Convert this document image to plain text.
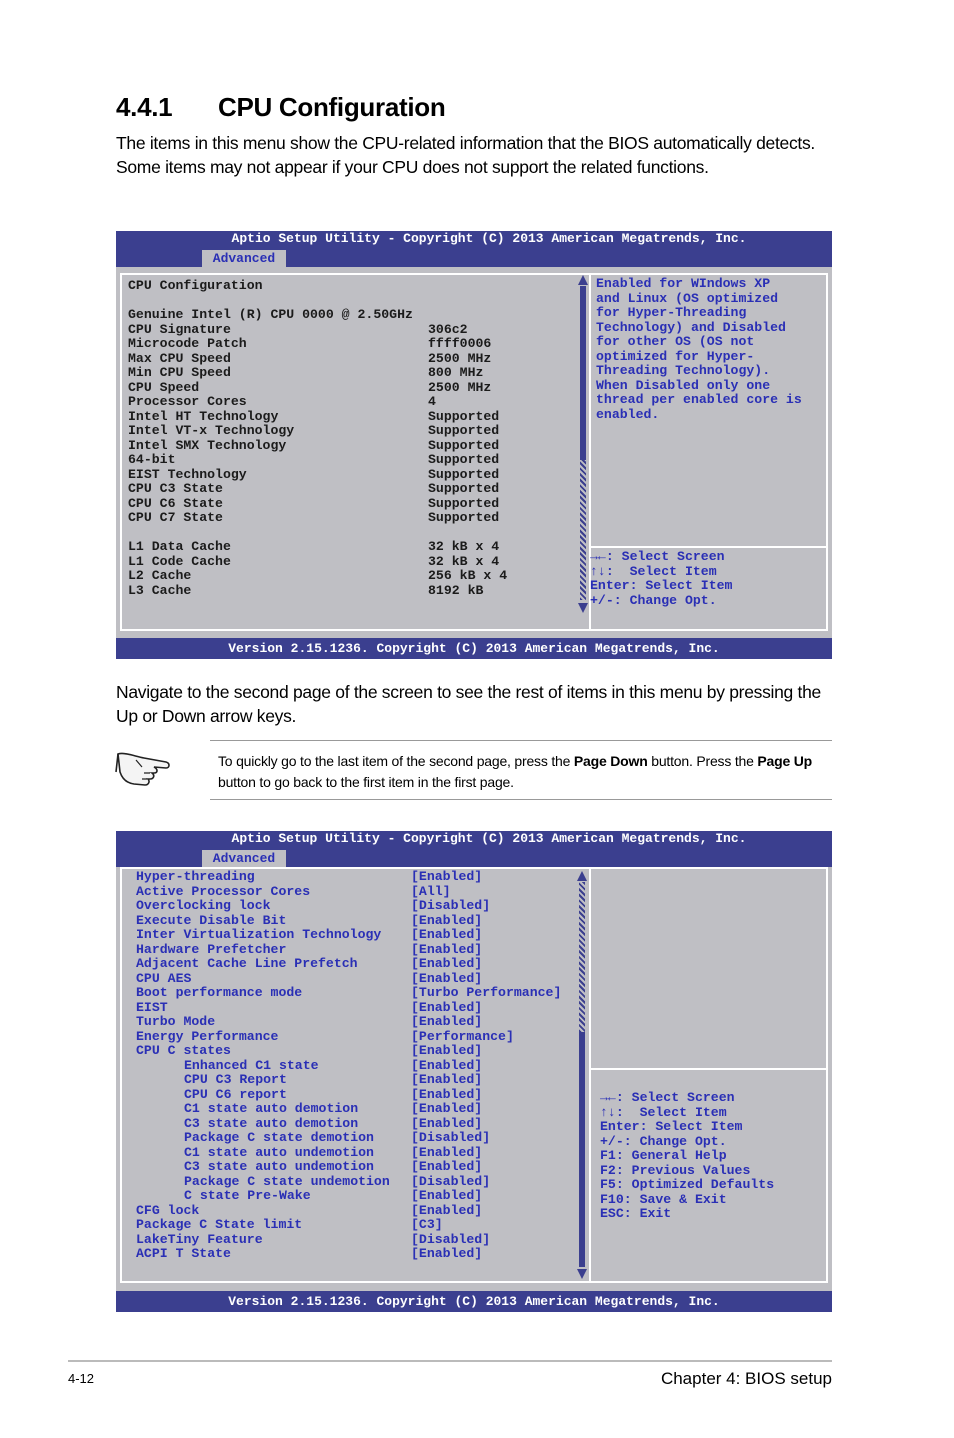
4.4.1 CPU Configuration

The items in this menu show the CPU-related information that the BIOS automatically detects. Some items may not appear if your CPU does not support the related functions.

Aptio Setup Utility - Copyright (C) 2013 American Megatrends, Inc.
Advanced
CPU Configuration
Genuine Intel (R) CPU 0000 @ 2.50GHz
CPU Signature	306c2
Microcode Patch	ffff0006
Max CPU Speed	2500 MHz
Min CPU Speed	800 MHz
CPU Speed	2500 MHz
Processor Cores	4
Intel HT Technology	Supported
Intel VT-x Technology	Supported
Intel SMX Technology	Supported
64-bit	Supported
EIST Technology	Supported
CPU C3 State	Supported
CPU C6 State	Supported
CPU C7 State	Supported
L1 Data Cache	32 kB x 4
L1 Code Cache	32 kB x 4
L2 Cache	256 kB x 4
L3 Cache	8192 kB
Enabled for WIndows XP
and Linux (OS optimized
for Hyper-Threading
Technology) and Disabled
for other OS (OS not
optimized for Hyper-
Threading Technology).
When Disabled only one
thread per enabled core is
enabled.
→←: Select Screen
↑↓:  Select Item
Enter: Select Item
+/-: Change Opt.
Version 2.15.1236. Copyright (C) 2013 American Megatrends, Inc.

Navigate to the second page of the screen to see the rest of items in this menu by pressing the Up or Down arrow keys.

To quickly go to the last item of the second page, press the Page Down button. Press the Page Up button to go back to the first item in the first page.

Aptio Setup Utility - Copyright (C) 2013 American Megatrends, Inc.
Advanced
Hyper-threading	[Enabled]
Active Processor Cores	[All]
Overclocking lock	[Disabled]
Execute Disable Bit	[Enabled]
Inter Virtualization Technology [Enabled]
Hardware Prefetcher	[Enabled]
Adjacent Cache Line Prefetch	[Enabled]
CPU AES	[Enabled]
Boot performance mode	[Turbo Performance]
EIST	[Enabled]
Turbo Mode	[Enabled]
Energy Performance	[Performance]
CPU C states	[Enabled]
Enhanced C1 state	[Enabled]
CPU C3 Report	[Enabled]
CPU C6 report	[Enabled]
C1 state auto demotion	[Enabled]
C3 state auto demotion	[Enabled]
Package C state demotion	[Disabled]
C1 state auto undemotion	[Enabled]
C3 state auto undemotion	[Enabled]
Package C state undemotion [Disabled]
C state Pre-Wake	[Enabled]
CFG lock	[Enabled]
Package C State limit	[C3]
LakeTiny Feature	[Disabled]
ACPI T State	[Enabled]
→←: Select Screen
↑↓:  Select Item
Enter: Select Item
+/-: Change Opt.
F1: General Help
F2: Previous Values
F5: Optimized Defaults
F10: Save & Exit
ESC: Exit
Version 2.15.1236. Copyright (C) 2013 American Megatrends, Inc.
4-12	Chapter 4: BIOS setup
